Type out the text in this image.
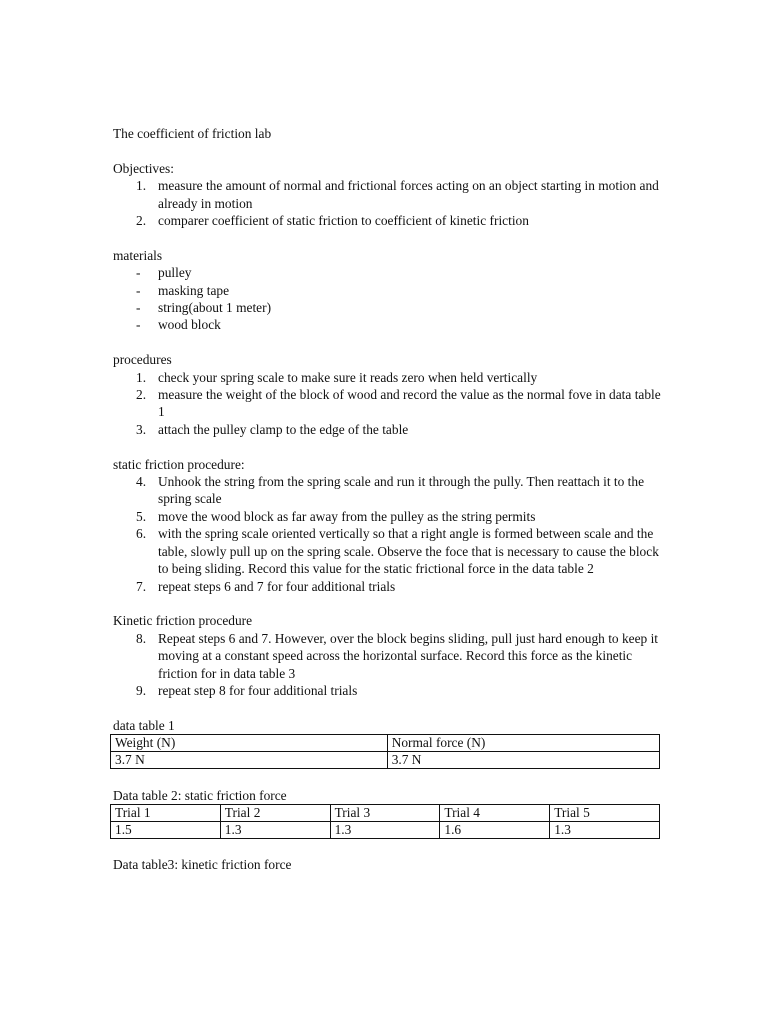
The coefficient of friction lab
Objectives:
1. measure the amount of normal and frictional forces acting on an object starting in motion and already in motion
2. comparer coefficient of static friction to coefficient of kinetic friction
materials
-	pulley
-	masking tape
-	string(about 1 meter)
-	wood block
procedures
1. check your spring scale to make sure it reads zero when held vertically
2. measure the weight of the block of wood and record the value as the normal fove in data table 1
3. attach the pulley clamp to the edge of the table
static friction procedure:
4. Unhook the string from the spring scale and run it through the pully. Then reattach it to the spring scale
5. move the wood block as far away from the pulley as the string permits
6. with the spring scale oriented vertically so that a right angle is formed between scale and the table, slowly pull up on the spring scale. Observe the foce that is necessary to cause the block to being sliding. Record this value for the static frictional force in the data table 2
7. repeat steps 6 and 7 for four additional trials
Kinetic friction procedure
8. Repeat steps 6 and 7. However, over the block begins sliding, pull just hard enough to keep it moving at a constant speed across the horizontal surface. Record this force as the kinetic friction for in data table 3
9. repeat step 8 for four additional trials
data table 1
Weight (N)	Normal force (N)
3.7 N	3.7 N
Data table 2: static friction force
Trial 1	Trial 2	Trial 3	Trial 4	Trial 5
1.5	1.3	1.3	1.6	1.3
Data table3: kinetic friction force
